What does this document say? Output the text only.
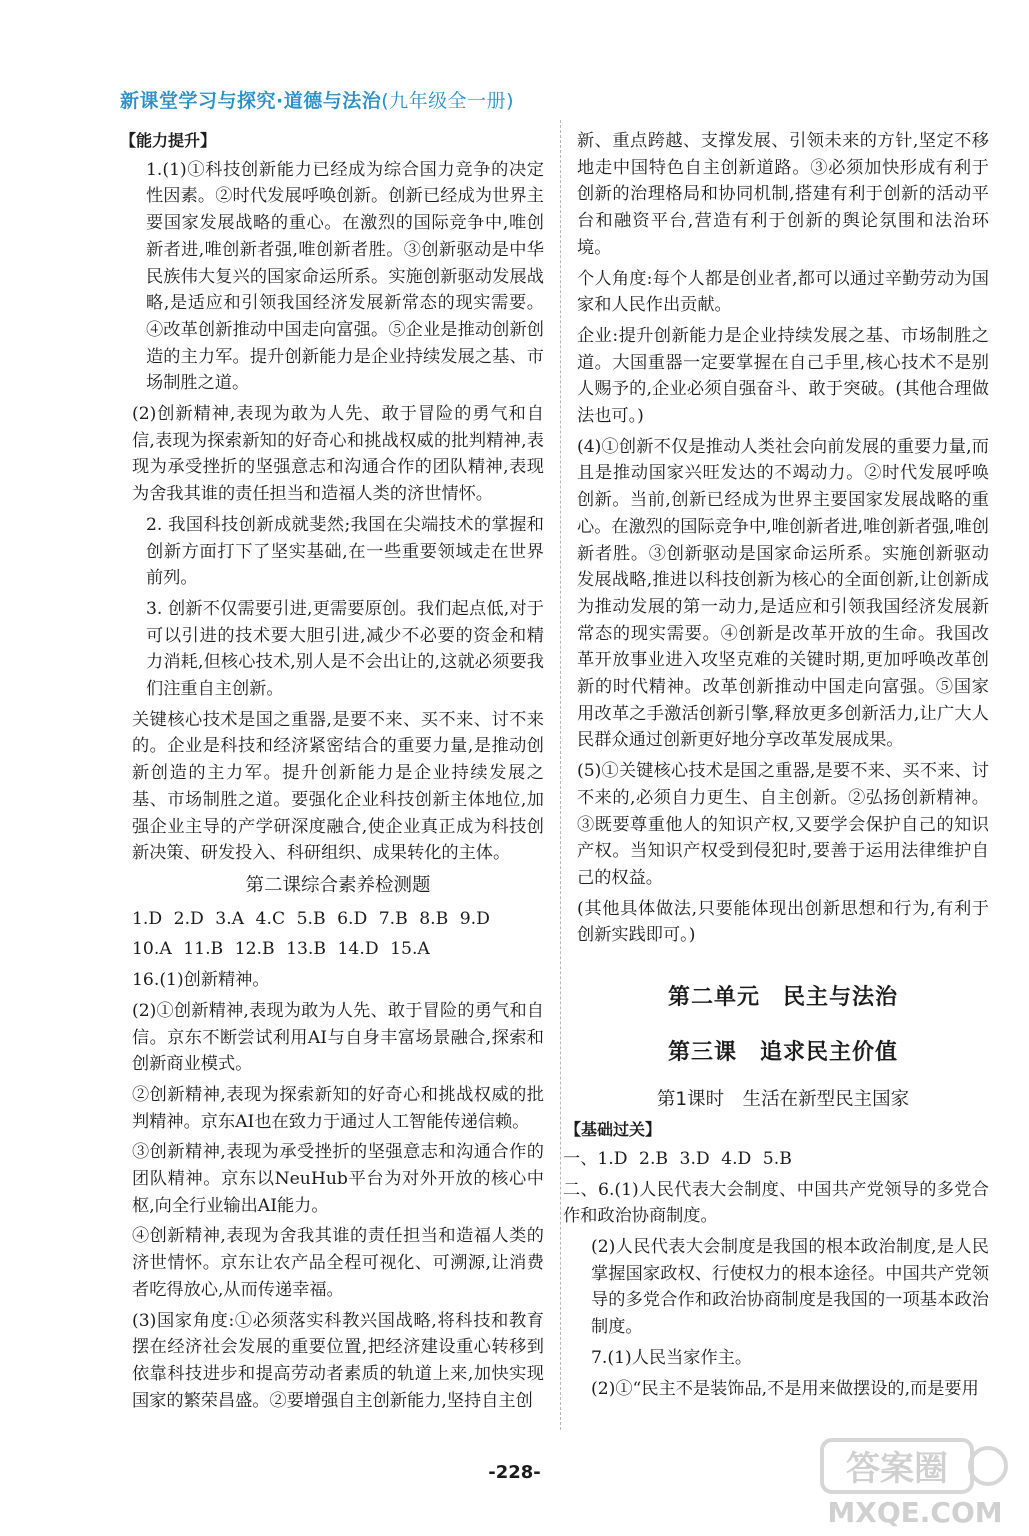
新课堂学习与探究·道德与法治(九年级全一册)
【能力提升】

1.(1)①科技创新能力已经成为综合国力竞争的决定性因素。②时代发展呼唤创新。创新已经成为世界主要国家发展战略的重心。在激烈的国际竞争中,唯创新者进,唯创新者强,唯创新者胜。③创新驱动是中华民族伟大复兴的国家命运所系。实施创新驱动发展战略,是适应和引领我国经济发展新常态的现实需要。④改革创新推动中国走向富强。⑤企业是推动创新创造的主力军。提升创新能力是企业持续发展之基、市场制胜之道。

(2)创新精神,表现为敢为人先、敢于冒险的勇气和自信,表现为探索新知的好奇心和挑战权威的批判精神,表现为承受挫折的坚强意志和沟通合作的团队精神,表现为舍我其谁的责任担当和造福人类的济世情怀。

2. 我国科技创新成就斐然;我国在尖端技术的掌握和创新方面打下了坚实基础,在一些重要领域走在世界前列。

3. 创新不仅需要引进,更需要原创。我们起点低,对于可以引进的技术要大胆引进,减少不必要的资金和精力消耗,但核心技术,别人是不会出让的,这就必须要我们注重自主创新。

关键核心技术是国之重器,是要不来、买不来、讨不来的。企业是科技和经济紧密结合的重要力量,是推动创新创造的主力军。提升创新能力是企业持续发展之基、市场制胜之道。要强化企业科技创新主体地位,加强企业主导的产学研深度融合,使企业真正成为科技创新决策、研发投入、科研组织、成果转化的主体。

第二课综合素养检测题
1.D 2.D 3.A 4.C 5.B 6.D 7.B 8.B 9.D
10.A 11.B 12.B 13.B 14.D 15.A

16.(1)创新精神。

(2)①创新精神,表现为敢为人先、敢于冒险的勇气和自信。京东不断尝试利用AI与自身丰富场景融合,探索和创新商业模式。

②创新精神,表现为探索新知的好奇心和挑战权威的批判精神。京东AI也在致力于通过人工智能传递信赖。

③创新精神,表现为承受挫折的坚强意志和沟通合作的团队精神。京东以NeuHub平台为对外开放的核心中枢,向全行业输出AI能力。

④创新精神,表现为舍我其谁的责任担当和造福人类的济世情怀。京东让农产品全程可视化、可溯源,让消费者吃得放心,从而传递幸福。

(3)国家角度:①必须落实科教兴国战略,将科技和教育摆在经济社会发展的重要位置,把经济建设重心转移到依靠科技进步和提高劳动者素质的轨道上来,加快实现国家的繁荣昌盛。②要增强自主创新能力,坚持自主创

新、重点跨越、支撑发展、引领未来的方针,坚定不移地走中国特色自主创新道路。③必须加快形成有利于创新的治理格局和协同机制,搭建有利于创新的活动平台和融资平台,营造有利于创新的舆论氛围和法治环境。

个人角度:每个人都是创业者,都可以通过辛勤劳动为国家和人民作出贡献。

企业:提升创新能力是企业持续发展之基、市场制胜之道。大国重器一定要掌握在自己手里,核心技术不是别人赐予的,企业必须自强奋斗、敢于突破。(其他合理做法也可。)

(4)①创新不仅是推动人类社会向前发展的重要力量,而且是推动国家兴旺发达的不竭动力。②时代发展呼唤创新。当前,创新已经成为世界主要国家发展战略的重心。在激烈的国际竞争中,唯创新者进,唯创新者强,唯创新者胜。③创新驱动是国家命运所系。实施创新驱动发展战略,推进以科技创新为核心的全面创新,让创新成为推动发展的第一动力,是适应和引领我国经济发展新常态的现实需要。④创新是改革开放的生命。我国改革开放事业进入攻坚克难的关键时期,更加呼唤改革创新的时代精神。改革创新推动中国走向富强。⑤国家用改革之手激活创新引擎,释放更多创新活力,让广大人民群众通过创新更好地分享改革发展成果。

(5)①关键核心技术是国之重器,是要不来、买不来、讨不来的,必须自力更生、自主创新。②弘扬创新精神。③既要尊重他人的知识产权,又要学会保护自己的知识产权。当知识产权受到侵犯时,要善于运用法律维护自己的权益。

(其他具体做法,只要能体现出创新思想和行为,有利于创新实践即可。)

第二单元　民主与法治
第三课　追求民主价值
第1课时　生活在新型民主国家
【基础过关】
一、1.D 2.B 3.D 4.D 5.B

二、6.(1)人民代表大会制度、中国共产党领导的多党合作和政治协商制度。

(2)人民代表大会制度是我国的根本政治制度,是人民掌握国家政权、行使权力的根本途径。中国共产党领导的多党合作和政治协商制度是我国的一项基本政治制度。

7.(1)人民当家作主。

(2)①“民主不是装饰品,不是用来做摆设的,而是要用

-228-	答案圈
MXQE.COM
